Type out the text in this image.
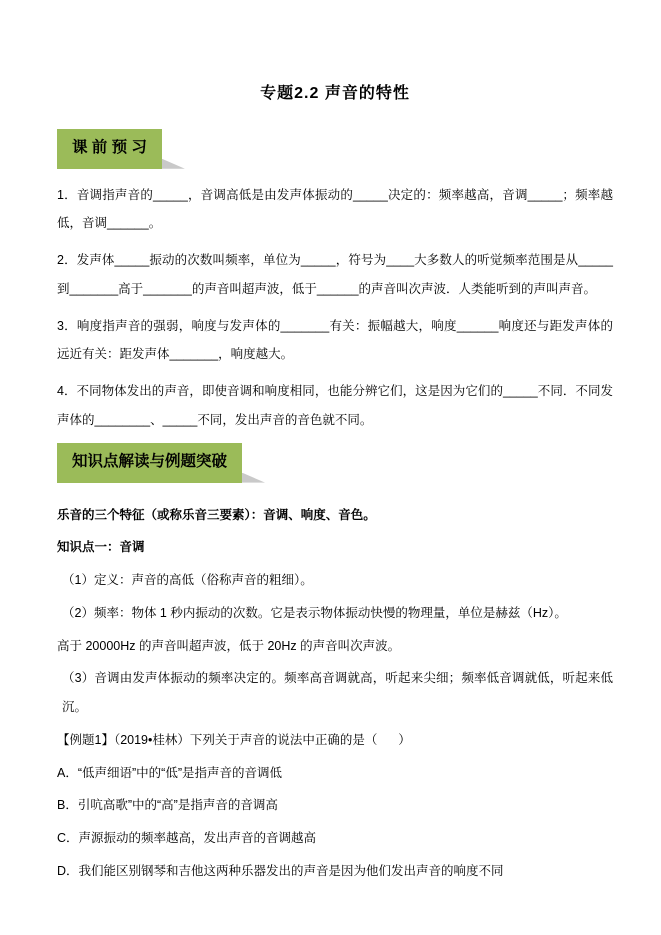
专题2.2 声音的特性
课 前 预 习

1．音调指声音的_____，音调高低是由发声体振动的_____决定的：频率越高，音调_____；频率越低，音调______。

2．发声体_____振动的次数叫频率，单位为_____，符号为____大多数人的听觉频率范围是从_____到_______高于_______的声音叫超声波，低于______的声音叫次声波．人类能听到的声叫声音。

3．响度指声音的强弱，响度与发声体的_______有关：振幅越大，响度______响度还与距发声体的远近有关：距发声体_______，响度越大。

4．不同物体发出的声音，即使音调和响度相同，也能分辨它们，这是因为它们的_____不同．不同发声体的________、_____不同，发出声音的音色就不同。

知识点解读与例题突破

乐音的三个特征（或称乐音三要素）：音调、响度、音色。

知识点一：音调

（1）定义：声音的高低（俗称声音的粗细）。

（2）频率：物体 1 秒内振动的次数。它是表示物体振动快慢的物理量，单位是赫兹（Hz）。

高于 20000Hz 的声音叫超声波，低于 20Hz 的声音叫次声波。

（3）音调由发声体振动的频率决定的。频率高音调就高，听起来尖细；频率低音调就低，听起来低沉。

【例题1】（2019•桂林）下列关于声音的说法中正确的是（      ）

A．“低声细语”中的“低”是指声音的音调低

B．引吭高歌”中的“高”是指声音的音调高

C．声源振动的频率越高，发出声音的音调越高

D．我们能区别钢琴和吉他这两种乐器发出的声音是因为他们发出声音的响度不同
